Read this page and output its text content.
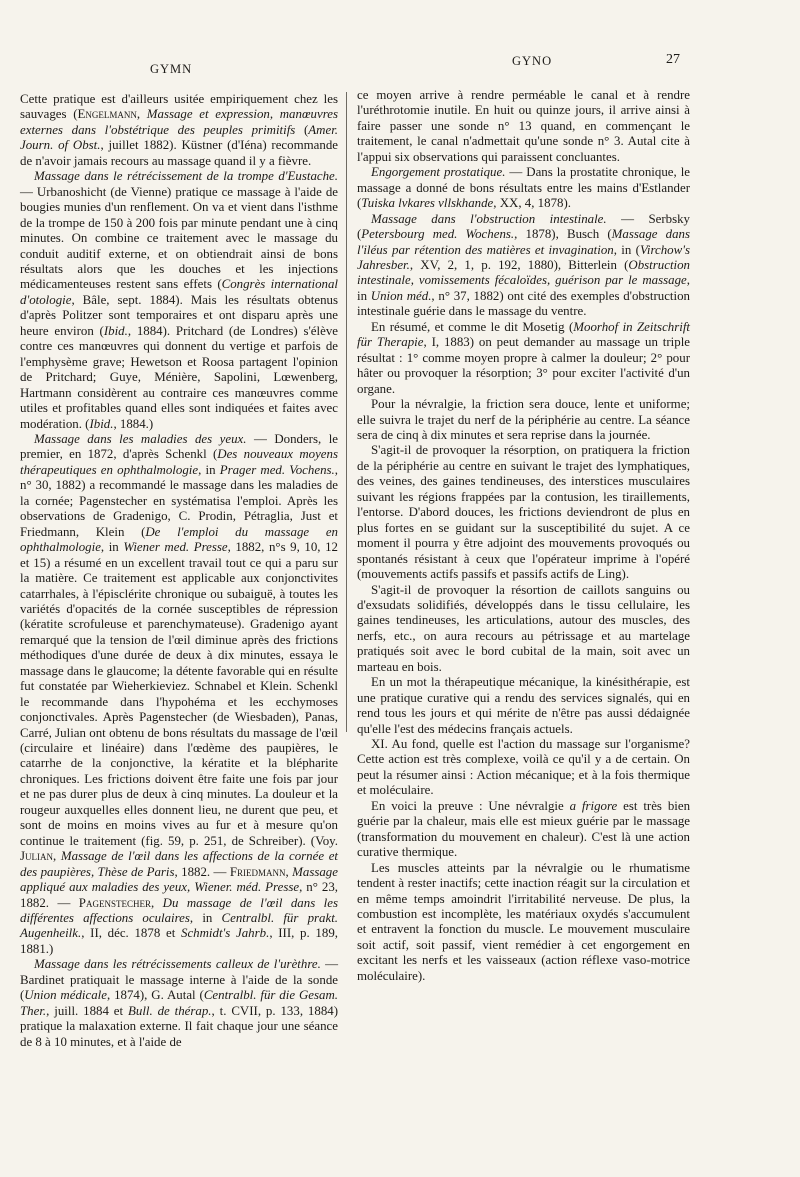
GYMN
GYNO	27

Cette pratique est d'ailleurs usitée empiriquement chez les sauvages (Engelmann, Massage et expression, manœuvres externes dans l'obstétrique des peuples primitifs (Amer. Journ. of Obst., juillet 1882). Küstner (d'Iéna) recommande de n'avoir jamais recours au massage quand il y a fièvre.

Massage dans le rétrécissement de la trompe d'Eustache. — Urbanoshicht (de Vienne) pratique ce massage à l'aide de bougies munies d'un renflement. On va et vient dans l'isthme de la trompe de 150 à 200 fois par minute pendant une à cinq minutes. On combine ce traitement avec le massage du conduit auditif externe, et on obtiendrait ainsi de bons résultats alors que les douches et les injections médicamenteuses restent sans effets (Congrès international d'otologie, Bâle, sept. 1884). Mais les résultats obtenus d'après Politzer sont temporaires et ont disparu après une heure environ (Ibid., 1884). Pritchard (de Londres) s'élève contre ces manœuvres qui donnent du vertige et parfois de l'emphysème grave; Hewetson et Roosa partagent l'opinion de Pritchard; Guye, Ménière, Sapolini, Lœwenberg, Hartmann considèrent au contraire ces manœuvres comme utiles et profitables quand elles sont indiquées et faites avec modération. (Ibid., 1884.)

Massage dans les maladies des yeux. — Donders, le premier, en 1872, d'après Schenkl (Des nouveaux moyens thérapeutiques en ophthalmologie, in Prager med. Vochens., n° 30, 1882) a recommandé le massage dans les maladies de la cornée; Pagenstecher en systématisa l'emploi. Après les observations de Gradenigo, C. Prodin, Pétraglia, Just et Friedmann, Klein (De l'emploi du massage en ophthalmologie, in Wiener med. Presse, 1882, n°s 9, 10, 12 et 15) a résumé en un excellent travail tout ce qui a paru sur la matière. Ce traitement est applicable aux conjonctivites catarrhales, à l'épisclérite chronique ou subaiguë, à toutes les variétés d'opacités de la cornée susceptibles de répression (kératite scrofuleuse et parenchymateuse). Gradenigo ayant remarqué que la tension de l'œil diminue après des frictions méthodiques d'une durée de deux à dix minutes, essaya le massage dans le glaucome; la détente favorable qui en résulte fut constatée par Wieherkieviez. Schnabel et Klein. Schenkl le recommande dans l'hypohéma et les ecchymoses conjonctivales. Après Pagenstecher (de Wiesbaden), Panas, Carré, Julian ont obtenu de bons résultats du massage de l'œil (circulaire et linéaire) dans l'œdème des paupières, le catarrhe de la conjonctive, la kératite et la blépharite chroniques. Les frictions doivent être faite une fois par jour et ne pas durer plus de deux à cinq minutes. La douleur et la rougeur auxquelles elles donnent lieu, ne durent que peu, et sont de moins en moins vives au fur et à mesure qu'on continue le traitement (fig. 59, p. 251, de Schreiber). (Voy. Julian, Massage de l'œil dans les affections de la cornée et des paupières, Thèse de Paris, 1882. — Friedmann, Massage appliqué aux maladies des yeux, Wiener. méd. Presse, n° 23, 1882. — Pagenstecher, Du massage de l'œil dans les différentes affections oculaires, in Centralbl. für prakt. Augenheilk., II, déc. 1878 et Schmidt's Jahrb., III, p. 189, 1881.)

Massage dans les rétrécissements calleux de l'urèthre. — Bardinet pratiquait le massage interne à l'aide de la sonde (Union médicale, 1874), G. Autal (Centralbl. für die Gesam. Ther., juill. 1884 et Bull. de thérap., t. CVII, p. 133, 1884) pratique la malaxation externe. Il fait chaque jour une séance de 8 à 10 minutes, et à l'aide de

ce moyen arrive à rendre perméable le canal et à rendre l'uréthrotomie inutile. En huit ou quinze jours, il arrive ainsi à faire passer une sonde n° 13 quand, en commençant le traitement, le canal n'admettait qu'une sonde n° 3. Autal cite à l'appui six observations qui paraissent concluantes.

Engorgement prostatique. — Dans la prostatite chronique, le massage a donné de bons résultats entre les mains d'Estlander (Tuiska lvkares vllskhande, XX, 4, 1878).

Massage dans l'obstruction intestinale. — Serbsky (Petersbourg med. Wochens., 1878), Busch (Massage dans l'iléus par rétention des matières et invagination, in (Virchow's Jahresber., XV, 2, 1, p. 192, 1880), Bitterlein (Obstruction intestinale, vomissements fécaloïdes, guérison par le massage, in Union méd., n° 37, 1882) ont cité des exemples d'obstruction intestinale guérie dans le massage du ventre.

En résumé, et comme le dit Mosetig (Moorhof in Zeitschrift für Therapie, I, 1883) on peut demander au massage un triple résultat : 1° comme moyen propre à calmer la douleur; 2° pour hâter ou provoquer la résorption; 3° pour exciter l'activité d'un organe.

Pour la névralgie, la friction sera douce, lente et uniforme; elle suivra le trajet du nerf de la périphérie au centre. La séance sera de cinq à dix minutes et sera reprise dans la journée.

S'agit-il de provoquer la résorption, on pratiquera la friction de la périphérie au centre en suivant le trajet des lymphatiques, des veines, des gaines tendineuses, des interstices musculaires suivant les régions frappées par la contusion, les tiraillements, l'entorse. D'abord douces, les frictions deviendront de plus en plus fortes en se guidant sur la susceptibilité du sujet. A ce moment il pourra y être adjoint des mouvements provoqués ou spontanés résistant à ceux que l'opérateur imprime à l'opéré (mouvements actifs passifs et passifs actifs de Ling).

S'agit-il de provoquer la résortion de caillots sanguins ou d'exsudats solidifiés, développés dans le tissu cellulaire, les gaines tendineuses, les articulations, autour des muscles, des nerfs, etc., on aura recours au pétrissage et au martelage pratiqués soit avec le bord cubital de la main, soit avec un marteau en bois.

En un mot la thérapeutique mécanique, la kinésithérapie, est une pratique curative qui a rendu des services signalés, qui en rend tous les jours et qui mérite de n'être pas aussi dédaignée qu'elle l'est des médecins français actuels.

XI. Au fond, quelle est l'action du massage sur l'organisme? Cette action est très complexe, voilà ce qu'il y a de certain. On peut la résumer ainsi : Action mécanique; et à la fois thermique et moléculaire.

En voici la preuve : Une névralgie a frigore est très bien guérie par la chaleur, mais elle est mieux guérie par le massage (transformation du mouvement en chaleur). C'est là une action curative thermique.

Les muscles atteints par la névralgie ou le rhumatisme tendent à rester inactifs; cette inaction réagit sur la circulation et en même temps amoindrit l'irritabilité nerveuse. De plus, la combustion est incomplète, les matériaux oxydés s'accumulent et entravent la fonction du muscle. Le mouvement musculaire soit actif, soit passif, vient remédier à cet engorgement en excitant les nerfs et les vaisseaux (action réflexe vaso-motrice moléculaire).
